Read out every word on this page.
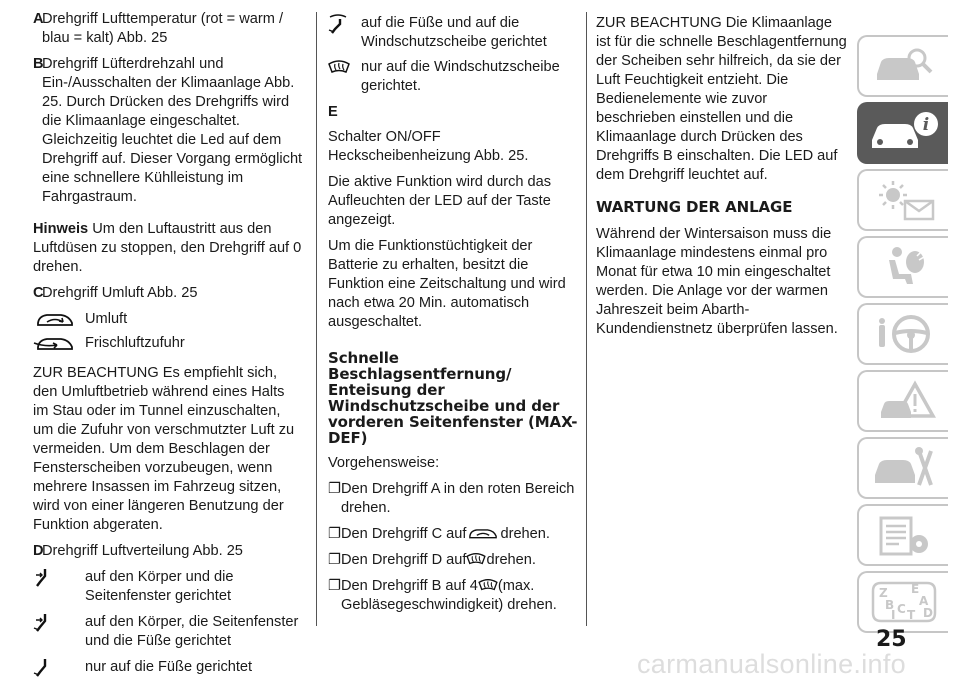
A
Drehgriff Lufttemperatur (rot = warm / blau = kalt) Abb. 25
B
Drehgriff Lüfterdrehzahl und Ein-/Ausschalten der Klimaanlage Abb. 25. Durch Drücken des Drehgriffs wird die Klimaanlage eingeschaltet. Gleichzeitig leuchtet die Led auf dem Drehgriff auf. Dieser Vorgang ermöglicht eine schnellere Kühlleistung im Fahrgastraum.

Hinweis Um den Luftaustritt aus den Luftdüsen zu stoppen, den Drehgriff auf 0 drehen.

C
Drehgriff Umluft Abb. 25
Umluft
Frischluftzufuhr

ZUR BEACHTUNG Es empfiehlt sich, den Umluftbetrieb während eines Halts im Stau oder im Tunnel einzuschalten, um die Zufuhr von verschmutzter Luft zu vermeiden. Um dem Beschlagen der Fensterscheiben vorzubeugen, wenn mehrere Insassen im Fahrzeug sitzen, wird von einer längeren Benutzung der Funktion abgeraten.

D
Drehgriff Luftverteilung Abb. 25
auf den Körper und die Seitenfenster gerichtet
auf den Körper, die Seitenfenster und die Füße gerichtet
nur auf die Füße gerichtet
auf die Füße und auf die Windschutzscheibe gerichtet
nur auf die Windschutzscheibe gerichtet.

E

Schalter ON/OFF Heckscheibenheizung Abb. 25.

Die aktive Funktion wird durch das Aufleuchten der LED auf der Taste angezeigt.

Um die Funktionstüchtigkeit der Batterie zu erhalten, besitzt die Funktion eine Zeitschaltung und wird nach etwa 20 Min. automatisch ausgeschaltet.

Schnelle Beschlagsentfernung/ Enteisung der Windschutzscheibe und der vorderen Seitenfenster (MAX-DEF)

Vorgehensweise:

❐ Den Drehgriff A in den roten Bereich drehen.
❐ Den Drehgriff C auf drehen.
❐ Den Drehgriff D auf drehen.
❐ Den Drehgriff B auf 4 (max. Gebläsegeschwindigkeit) drehen.

ZUR BEACHTUNG Die Klimaanlage ist für die schnelle Beschlagentfernung der Scheiben sehr hilfreich, da sie der Luft Feuchtigkeit entzieht. Die Bedienelemente wie zuvor beschrieben einstellen und die Klimaanlage durch Drücken des Drehgriffs B einschalten. Die LED auf dem Drehgriff leuchtet auf.

WARTUNG DER ANLAGE

Während der Wintersaison muss die Klimaanlage mindestens einmal pro Monat für etwa 10 min eingeschaltet werden. Die Anlage vor der warmen Jahreszeit beim Abarth-Kundendienstnetz überprüfen lassen.

i
Z E
A
B
I C T D
25
carmanualsonline.info
